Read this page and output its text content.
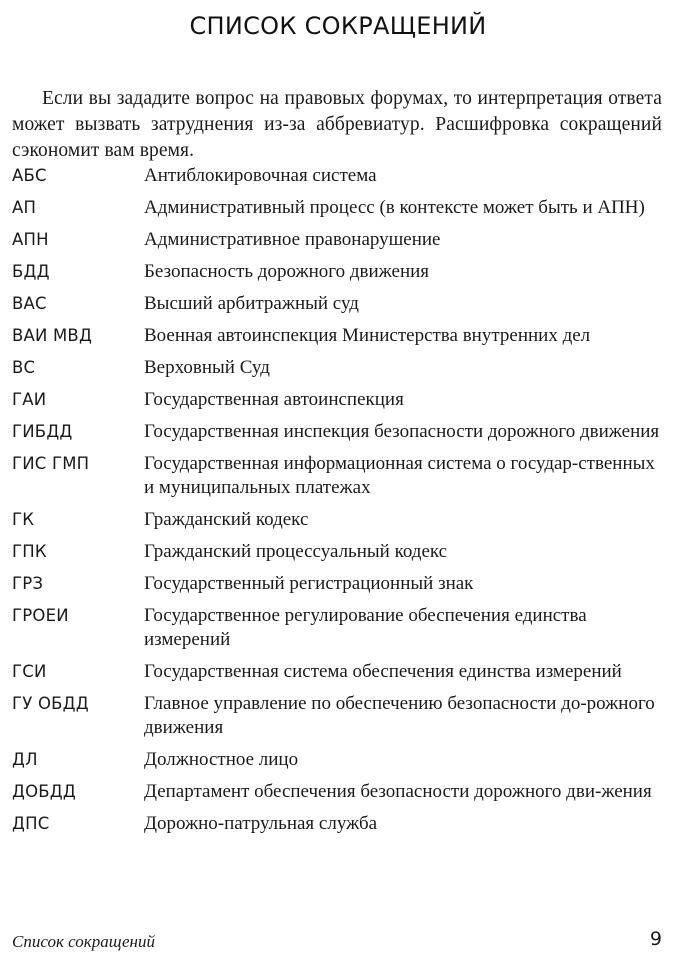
СПИСОК СОКРАЩЕНИЙ

Если вы зададите вопрос на правовых форумах, то интерпретация ответа может вызвать затруднения из-за аббревиатур. Расшифровка сокращений сэкономит вам время.

АБС	Антиблокировочная система
АП	Административный процесс (в контексте может быть и АПН)
АПН	Административное правонарушение
БДД	Безопасность дорожного движения
ВАС	Высший арбитражный суд
ВАИ МВД	Военная автоинспекция Министерства внутренних дел
ВС	Верховный Суд
ГАИ	Государственная автоинспекция
ГИБДД	Государственная инспекция безопасности дорожного движения
ГИС ГМП	Государственная информационная система о государ-ственных и муниципальных платежах
ГК	Гражданский кодекс
ГПК	Гражданский процессуальный кодекс
ГРЗ	Государственный регистрационный знак
ГРОЕИ	Государственное регулирование обеспечения единства измерений
ГСИ	Государственная система обеспечения единства измерений
ГУ ОБДД	Главное управление по обеспечению безопасности до-рожного движения
ДЛ	Должностное лицо
ДОБДД	Департамент обеспечения безопасности дорожного дви-жения
ДПС	Дорожно-патрульная служба
Список сокращений	9
